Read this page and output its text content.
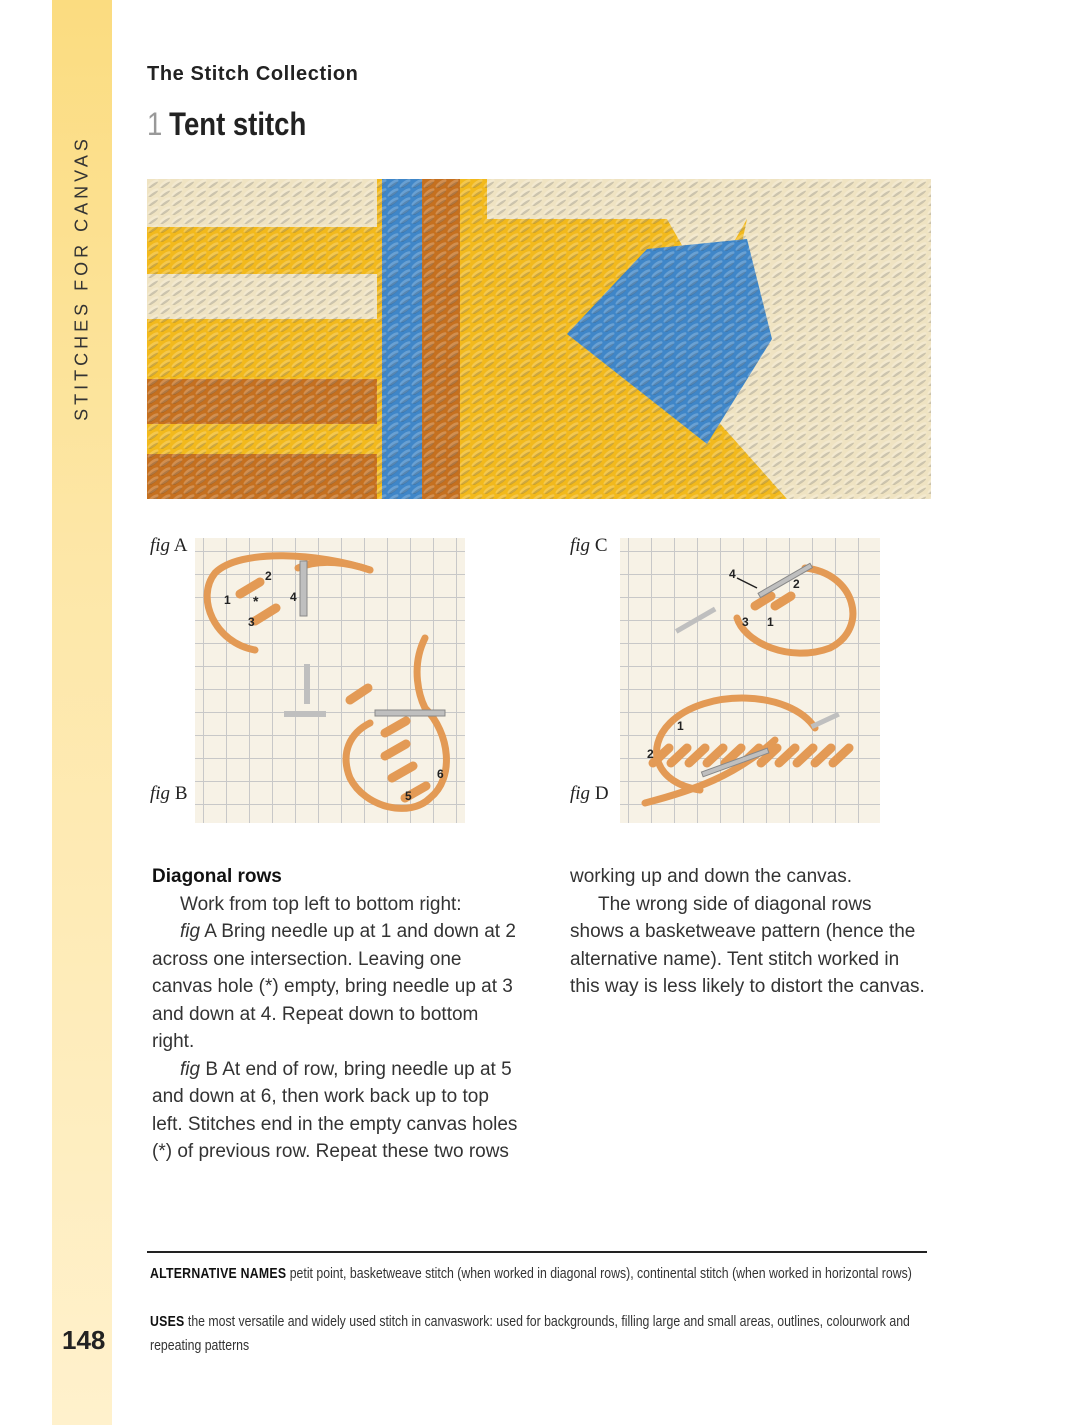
STITCHES FOR CANVAS
148
The Stitch Collection
1 Tent stitch
1
2
3
4
*
5
6
4
2
3 1
1
2
fig A
fig B
fig C
fig D

Diagonal rows

Work from top left to bottom right:

fig A Bring needle up at 1 and down at 2 across one intersection. Leaving one canvas hole (*) empty, bring needle up at 3 and down at 4. Repeat down to bottom right.

fig B At end of row, bring needle up at 5 and down at 6, then work back up to top left. Stitches end in the empty canvas holes (*) of previous row. Repeat these two rows

working up and down the canvas.

The wrong side of diagonal rows shows a basketweave pattern (hence the alternative name). Tent stitch worked in this way is less likely to distort the canvas.

ALTERNATIVE NAMES petit point, basketweave stitch (when worked in diagonal rows), continental stitch (when worked in horizontal rows)
USES the most versatile and widely used stitch in canvaswork: used for backgrounds, filling large and small areas, outlines, colourwork and repeating patterns
